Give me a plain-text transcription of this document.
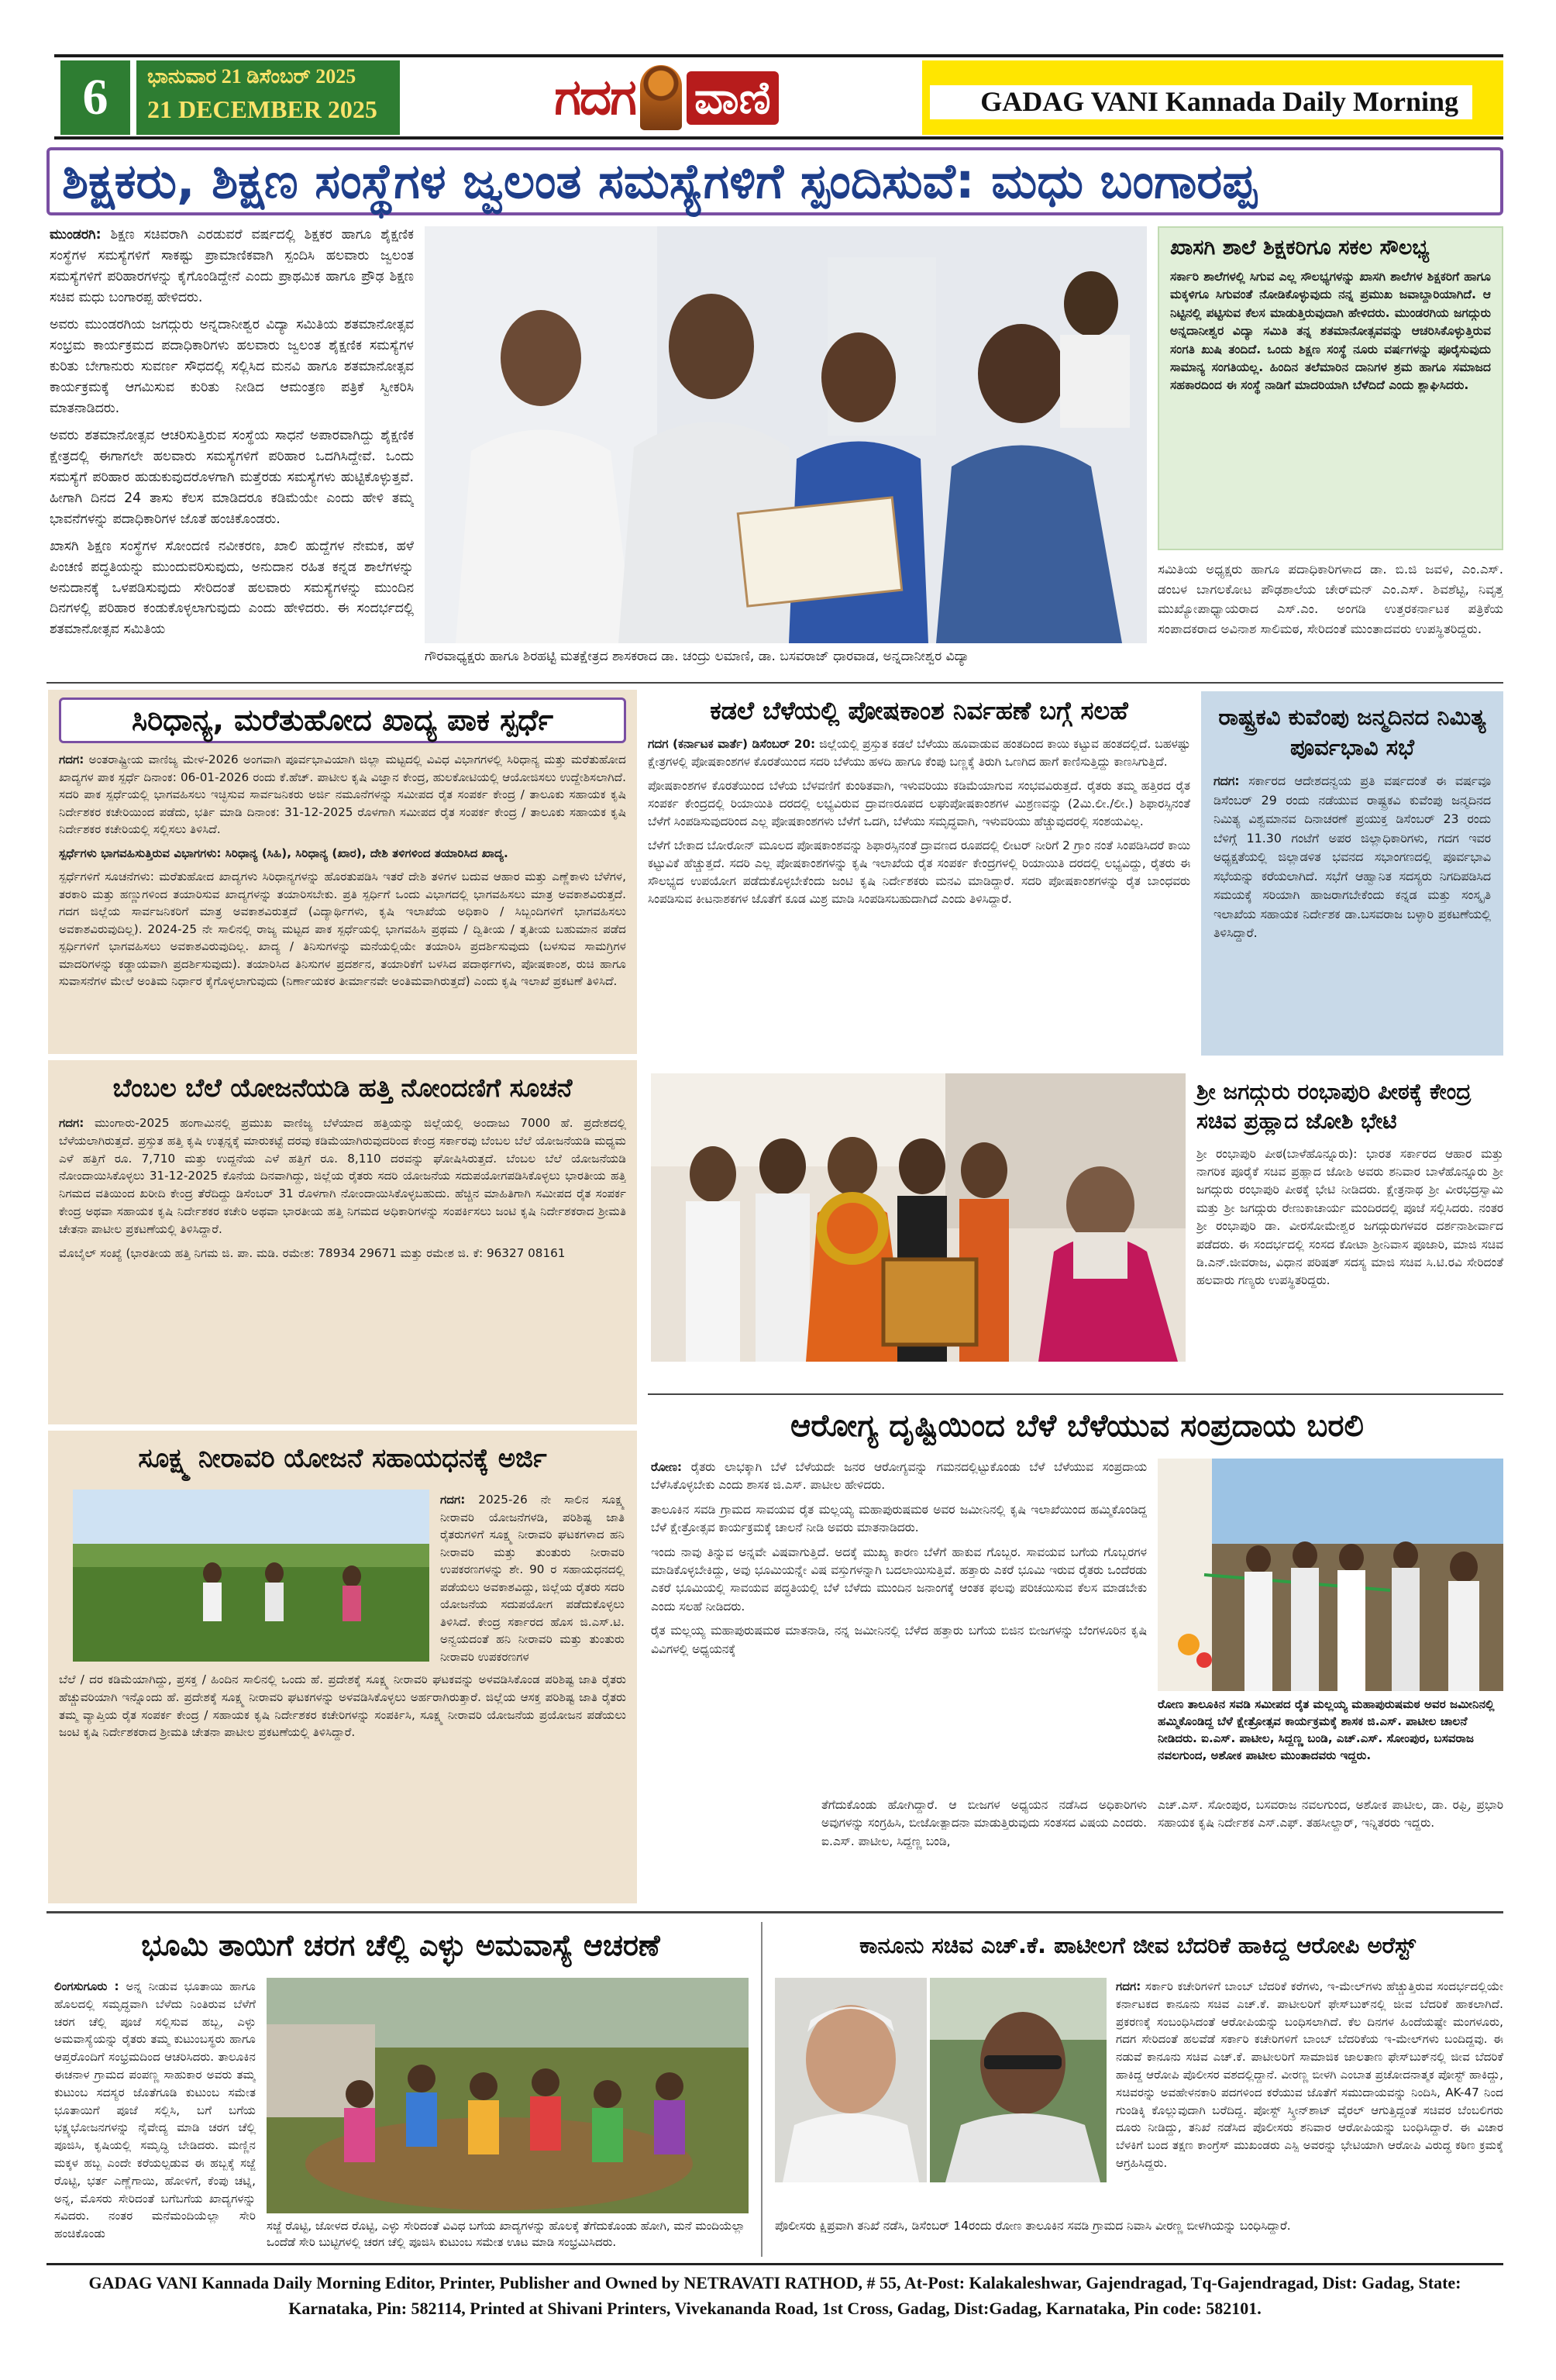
6	ಭಾನುವಾರ 21 ಡಿಸೆಂಬರ್ 2025
21 DECEMBER 2025	ಗದಗ ವಾಣಿ	GADAG VANI Kannada Daily Morning
ಶಿಕ್ಷಕರು, ಶಿಕ್ಷಣ ಸಂಸ್ಥೆಗಳ ಜ್ವಲಂತ ಸಮಸ್ಯೆಗಳಿಗೆ ಸ್ಪಂದಿಸುವೆ: ಮಧು ಬಂಗಾರಪ್ಪ

ಮುಂಡರಗಿ: ಶಿಕ್ಷಣ ಸಚಿವರಾಗಿ ಎರಡುವರೆ ವರ್ಷದಲ್ಲಿ ಶಿಕ್ಷಕರ ಹಾಗೂ ಶೈಕ್ಷಣಿಕ ಸಂಸ್ಥೆಗಳ ಸಮಸ್ಯೆಗಳಿಗೆ ಸಾಕಷ್ಟು ಪ್ರಾಮಾಣಿಕವಾಗಿ ಸ್ಪಂದಿಸಿ ಹಲವಾರು ಜ್ವಲಂತ ಸಮಸ್ಯೆಗಳಿಗೆ ಪರಿಹಾರಗಳನ್ನು ಕೈಗೊಂಡಿದ್ದೇನೆ ಎಂದು ಪ್ರಾಥಮಿಕ ಹಾಗೂ ಪ್ರೌಢ ಶಿಕ್ಷಣ ಸಚಿವ ಮಧು ಬಂಗಾರಪ್ಪ ಹೇಳಿದರು.

ಅವರು ಮುಂಡರಗಿಯ ಜಗದ್ಗುರು ಅನ್ನದಾನೀಶ್ವರ ವಿದ್ಯಾ ಸಮಿತಿಯ ಶತಮಾನೋತ್ಸವ ಸಂಭ್ರಮ ಕಾರ್ಯಕ್ರಮದ ಪದಾಧಿಕಾರಿಗಳು ಹಲವಾರು ಜ್ವಲಂತ ಶೈಕ್ಷಣಿಕ ಸಮಸ್ಯೆಗಳ ಕುರಿತು ಬೇಗಾನುರು ಸುವರ್ಣ ಸೌಧದಲ್ಲಿ ಸಲ್ಲಿಸಿದ ಮನವಿ ಹಾಗೂ ಶತಮಾನೋತ್ಸವ ಕಾರ್ಯಕ್ರಮಕ್ಕೆ ಆಗಮಿಸುವ ಕುರಿತು ನೀಡಿದ ಆಮಂತ್ರಣ ಪತ್ರಿಕೆ ಸ್ವೀಕರಿಸಿ ಮಾತನಾಡಿದರು.

ಅವರು ಶತಮಾನೋತ್ಸವ ಆಚರಿಸುತ್ತಿರುವ ಸಂಸ್ಥೆಯ ಸಾಧನೆ ಅಪಾರವಾಗಿದ್ದು ಶೈಕ್ಷಣಿಕ ಕ್ಷೇತ್ರದಲ್ಲಿ ಈಗಾಗಲೇ ಹಲವಾರು ಸಮಸ್ಯೆಗಳಿಗೆ ಪರಿಹಾರ ಒದಗಿಸಿದ್ದೇವೆ. ಒಂದು ಸಮಸ್ಯೆಗೆ ಪರಿಹಾರ ಹುಡುಕುವುದರೊಳಗಾಗಿ ಮತ್ತೆರಡು ಸಮಸ್ಯೆಗಳು ಹುಟ್ಟಿಕೊಳ್ಳುತ್ತವೆ. ಹೀಗಾಗಿ ದಿನದ 24 ತಾಸು ಕೆಲಸ ಮಾಡಿದರೂ ಕಡಿಮೆಯೇ ಎಂದು ಹೇಳಿ ತಮ್ಮ ಭಾವನೆಗಳನ್ನು ಪದಾಧಿಕಾರಿಗಳ ಜೊತೆ ಹಂಚಿಕೊಂಡರು.

ಖಾಸಗಿ ಶಿಕ್ಷಣ ಸಂಸ್ಥೆಗಳ ಸೋಂದಣಿ ನವೀಕರಣ, ಖಾಲಿ ಹುದ್ದೆಗಳ ನೇಮಕ, ಹಳೆ ಪಿಂಚಣಿ ಪದ್ಧತಿಯನ್ನು ಮುಂದುವರಿಸುವುದು, ಅನುದಾನ ರಹಿತ ಕನ್ನಡ ಶಾಲೆಗಳನ್ನು ಅನುದಾನಕ್ಕೆ ಒಳಪಡಿಸುವುದು ಸೇರಿದಂತೆ ಹಲವಾರು ಸಮಸ್ಯೆಗಳನ್ನು ಮುಂದಿನ ದಿನಗಳಲ್ಲಿ ಪರಿಹಾರ ಕಂಡುಕೊಳ್ಳಲಾಗುವುದು ಎಂದು ಹೇಳಿದರು. ಈ ಸಂದರ್ಭದಲ್ಲಿ ಶತಮಾನೋತ್ಸವ ಸಮಿತಿಯ

ಗೌರವಾಧ್ಯಕ್ಷರು ಹಾಗೂ ಶಿರಹಟ್ಟಿ ಮತಕ್ಷೇತ್ರದ ಶಾಸಕರಾದ ಡಾ. ಚಂದ್ರು ಲಮಾಣಿ, ಡಾ. ಬಸವರಾಜ್ ಧಾರವಾಡ, ಅನ್ನದಾನೀಶ್ವರ ವಿದ್ಯಾ
ಖಾಸಗಿ ಶಾಲೆ ಶಿಕ್ಷಕರಿಗೂ ಸಕಲ ಸೌಲಭ್ಯ
ಸರ್ಕಾರಿ ಶಾಲೆಗಳಲ್ಲಿ ಸಿಗುವ ಎಲ್ಲ ಸೌಲಭ್ಯಗಳನ್ನು ಖಾಸಗಿ ಶಾಲೆಗಳ ಶಿಕ್ಷಕರಿಗೆ ಹಾಗೂ ಮಕ್ಕಳಿಗೂ ಸಿಗುವಂತೆ ನೋಡಿಕೊಳ್ಳುವುದು ನನ್ನ ಪ್ರಮುಖ ಜವಾಬ್ದಾರಿಯಾಗಿದೆ. ಆ ನಿಟ್ಟಿನಲ್ಲಿ ಪಟ್ಟಿಸುವ ಕೆಲಸ ಮಾಡುತ್ತಿರುವುದಾಗಿ ಹೇಳಿದರು. ಮುಂಡರಗಿಯ ಜಗದ್ಗುರು ಅನ್ನದಾನೀಶ್ವರ ವಿದ್ಯಾ ಸಮಿತಿ ತನ್ನ ಶತಮಾನೋತ್ಸವವನ್ನು ಆಚರಿಸಿಕೊಳ್ಳುತ್ತಿರುವ ಸಂಗತಿ ಖುಷಿ ತಂದಿದೆ. ಒಂದು ಶಿಕ್ಷಣ ಸಂಸ್ಥೆ ನೂರು ವರ್ಷಗಳನ್ನು ಪೂರೈಸುವುದು ಸಾಮಾನ್ಯ ಸಂಗತಿಯಲ್ಲ. ಹಿಂದಿನ ತಲೆಮಾರಿನ ದಾನಿಗಳ ಶ್ರಮ ಹಾಗೂ ಸಮಾಜದ ಸಹಕಾರದಿಂದ ಈ ಸಂಸ್ಥೆ ನಾಡಿಗೆ ಮಾದರಿಯಾಗಿ ಬೆಳೆದಿದೆ ಎಂದು ಶ್ಲಾಘಿಸಿದರು.
ಸಮಿತಿಯ ಅಧ್ಯಕ್ಷರು ಹಾಗೂ ಪದಾಧಿಕಾರಿಗಳಾದ ಡಾ. ಬಿ.ಜಿ ಜವಳಿ, ಎಂ.ಎಸ್. ಡಂಬಳ ಬಾಗಲಕೋಟ ಪೌಢಶಾಲೆಯ ಚೇರ್‌ಮನ್ ಎಂ.ಎಸ್. ಶಿವಶೆಟ್ಟಿ, ನಿವೃತ್ತ ಮುಖ್ಯೋಪಾಧ್ಯಾಯರಾದ ಎಸ್.ಎಂ. ಅಂಗಡಿ ಉತ್ತರಕರ್ನಾಟಕ ಪತ್ರಿಕೆಯ ಸಂಪಾದಕರಾದ ಅವಿನಾಶ ಸಾಲಿಮಠ, ಸೇರಿದಂತೆ ಮುಂತಾದವರು ಉಪಸ್ಥಿತರಿದ್ದರು.
ಸಿರಿಧಾನ್ಯ, ಮರೆತುಹೋದ ಖಾದ್ಯ ಪಾಕ ಸ್ಪರ್ಧೆ

ಗದಗ: ಅಂತರಾಷ್ಟ್ರೀಯ ವಾಣಿಜ್ಯ ಮೇಳ-2026 ಅಂಗವಾಗಿ ಪೂರ್ವಭಾವಿಯಾಗಿ ಜಿಲ್ಲಾ ಮಟ್ಟದಲ್ಲಿ ವಿವಿಧ ವಿಭಾಗಗಳಲ್ಲಿ ಸಿರಿಧಾನ್ಯ ಮತ್ತು ಮರೆತುಹೋದ ಖಾದ್ಯಗಳ ಪಾಕ ಸ್ಪರ್ಧೆ ದಿನಾಂಕ: 06-01-2026 ರಂದು ಕೆ.ಹೆಚ್. ಪಾಟೀಲ ಕೃಷಿ ವಿಜ್ಞಾನ ಕೇಂದ್ರ, ಹುಲಕೋಟಿಯಲ್ಲಿ ಆಯೋಜಿಸಲು ಉದ್ದೇಶಿಸಲಾಗಿದೆ. ಸದರಿ ಪಾಕ ಸ್ಪರ್ಧೆಯಲ್ಲಿ ಭಾಗವಹಿಸಲು ಇಚ್ಛಿಸುವ ಸಾರ್ವಜನಿಕರು ಅರ್ಜಿ ನಮೂನೆಗಳನ್ನು ಸಮೀಪದ ರೈತ ಸಂಪರ್ಕ ಕೇಂದ್ರ / ತಾಲೂಕು ಸಹಾಯಕ ಕೃಷಿ ನಿರ್ದೇಶಕರ ಕಚೇರಿಯಿಂದ ಪಡೆದು, ಭರ್ತಿ ಮಾಡಿ ದಿನಾಂಕ: 31-12-2025 ರೊಳಗಾಗಿ ಸಮೀಪದ ರೈತ ಸಂಪರ್ಕ ಕೇಂದ್ರ / ತಾಲೂಕು ಸಹಾಯಕ ಕೃಷಿ ನಿರ್ದೇಶಕರ ಕಚೇರಿಯಲ್ಲಿ ಸಲ್ಲಿಸಲು ತಿಳಿಸಿದೆ.

ಸ್ಪರ್ಧೆಗಳು ಭಾಗವಹಿಸುತ್ತಿರುವ ವಿಭಾಗಗಳು: ಸಿರಿಧಾನ್ಯ (ಸಿಹಿ), ಸಿರಿಧಾನ್ಯ (ಖಾರ), ದೇಶಿ ತಳಿಗಳಿಂದ ತಯಾರಿಸಿದ ಖಾದ್ಯ.

ಸ್ಪರ್ಧೆಗಳಿಗೆ ಸೂಚನೆಗಳು: ಮರೆತುಹೋದ ಖಾದ್ಯಗಳು ಸಿರಿಧಾನ್ಯಗಳನ್ನು ಹೊರತುಪಡಿಸಿ ಇತರೆ ದೇಶಿ ತಳಿಗಳ ಬದುವ ಆಹಾರ ಮತ್ತು ಎಣ್ಣೆಕಾಳು ಬೆಳೆಗಳ, ತರಕಾರಿ ಮತ್ತು ಹಣ್ಣುಗಳಿಂದ ತಯಾರಿಸುವ ಖಾದ್ಯಗಳನ್ನು ತಯಾರಿಸಬೇಕು. ಪ್ರತಿ ಸ್ಪರ್ಧಿಗೆ ಒಂದು ವಿಭಾಗದಲ್ಲಿ ಭಾಗವಹಿಸಲು ಮಾತ್ರ ಅವಕಾಶವಿರುತ್ತದೆ. ಗದಗ ಜಿಲ್ಲೆಯ ಸಾರ್ವಜನಿಕರಿಗೆ ಮಾತ್ರ ಅವಕಾಶವಿರುತ್ತದೆ (ವಿದ್ಯಾರ್ಥಿಗಳು, ಕೃಷಿ ಇಲಾಖೆಯ ಅಧಿಕಾರಿ / ಸಿಬ್ಬಂದಿಗಳಿಗೆ ಭಾಗವಹಿಸಲು ಅವಕಾಶವಿರುವುದಿಲ್ಲ). 2024-25 ನೇ ಸಾಲಿನಲ್ಲಿ ರಾಜ್ಯ ಮಟ್ಟದ ಪಾಕ ಸ್ಪರ್ಧೆಯಲ್ಲಿ ಭಾಗವಹಿಸಿ ಪ್ರಥಮ / ದ್ವಿತೀಯ / ತೃತೀಯ ಬಹುಮಾನ ಪಡೆದ ಸ್ಪರ್ಧಿಗಳಿಗೆ ಭಾಗವಹಿಸಲು ಅವಕಾಶವಿರುವುದಿಲ್ಲ. ಖಾದ್ಯ / ತಿನಿಸುಗಳನ್ನು ಮನೆಯಲ್ಲಿಯೇ ತಯಾರಿಸಿ ಪ್ರದರ್ಶಿಸುವುದು (ಬಳಸುವ ಸಾಮಗ್ರಿಗಳ ಮಾದರಿಗಳನ್ನು ಕಡ್ಡಾಯವಾಗಿ ಪ್ರದರ್ಶಿಸುವುದು). ತಯಾರಿಸಿದ ತಿನಿಸುಗಳ ಪ್ರದರ್ಶನ, ತಯಾರಿಕೆಗೆ ಬಳಸಿದ ಪದಾರ್ಥಗಳು, ಪೋಷಕಾಂಶ, ರುಚಿ ಹಾಗೂ ಸುವಾಸನೆಗಳ ಮೇಲೆ ಅಂತಿಮ ನಿರ್ಧಾರ ಕೈಗೊಳ್ಳಲಾಗುವುದು (ನಿರ್ಣಾಯಕರ ತೀರ್ಮಾನವೇ ಅಂತಿಮವಾಗಿರುತ್ತದೆ) ಎಂದು ಕೃಷಿ ಇಲಾಖೆ ಪ್ರಕಟಣೆ ತಿಳಿಸಿದೆ.

ಕಡಲೆ ಬೆಳೆಯಲ್ಲಿ ಪೋಷಕಾಂಶ ನಿರ್ವಹಣೆ ಬಗ್ಗೆ ಸಲಹೆ

ಗದಗ (ಕರ್ನಾಟಕ ವಾರ್ತೆ) ಡಿಸೆಂಬರ್ 20: ಜಿಲ್ಲೆಯಲ್ಲಿ ಪ್ರಸ್ತುತ ಕಡಲೆ ಬೆಳೆಯು ಹೂವಾಡುವ ಹಂತದಿಂದ ಕಾಯಿ ಕಟ್ಟುವ ಹಂತದಲ್ಲಿದೆ. ಬಹಳಷ್ಟು ಕ್ಷೇತ್ರಗಳಲ್ಲಿ ಪೋಷಕಾಂಶಗಳ ಕೊರತೆಯಿಂದ ಸದರಿ ಬೆಳೆಯು ಹಳದಿ ಹಾಗೂ ಕೆಂಪು ಬಣ್ಣಕ್ಕೆ ತಿರುಗಿ ಒಣಗಿದ ಹಾಗೆ ಕಾಣಿಸುತ್ತಿದ್ದು ಕಾಣಸಿಗುತ್ತಿದೆ.

ಪೋಷಕಾಂಶಗಳ ಕೊರತೆಯಿಂದ ಬೆಳೆಯ ಬೆಳವಣಿಗೆ ಕುಂಠಿತವಾಗಿ, ಇಳುವರಿಯು ಕಡಿಮೆಯಾಗುವ ಸಂಭವವಿರುತ್ತದೆ. ರೈತರು ತಮ್ಮ ಹತ್ತಿರದ ರೈತ ಸಂಪರ್ಕ ಕೇಂದ್ರದಲ್ಲಿ ರಿಯಾಯಿತಿ ದರದಲ್ಲಿ ಲಭ್ಯವಿರುವ ದ್ರಾವಣರೂಪದ ಲಘುಪೋಷಕಾಂಶಗಳ ಮಿಶ್ರಣವನ್ನು (2ಮಿ.ಲೀ./ಲೀ.) ಶಿಫಾರಸ್ಸಿನಂತೆ ಬೆಳೆಗೆ ಸಿಂಪಡಿಸುವುದರಿಂದ ಎಲ್ಲ ಪೋಷಕಾಂಶಗಳು ಬೆಳೆಗೆ ಒದಗಿ, ಬೆಳೆಯು ಸಮೃದ್ಧವಾಗಿ, ಇಳುವರಿಯು ಹೆಚ್ಚುವುದರಲ್ಲಿ ಸಂಶಯವಿಲ್ಲ.

ಬೆಳೆಗೆ ಬೇಕಾದ ಬೋರೋನ್ ಮೂಲದ ಪೋಷಕಾಂಶವನ್ನು ಶಿಫಾರಸ್ಸಿನಂತೆ ದ್ರಾವಣದ ರೂಪದಲ್ಲಿ ಲೀಟರ್ ನೀರಿಗೆ 2 ಗ್ರಾಂ ನಂತೆ ಸಿಂಪಡಿಸಿದರೆ ಕಾಯಿ ಕಟ್ಟುವಿಕೆ ಹೆಚ್ಚುತ್ತದೆ. ಸದರಿ ಎಲ್ಲ ಪೋಷಕಾಂಶಗಳನ್ನು ಕೃಷಿ ಇಲಾಖೆಯ ರೈತ ಸಂಪರ್ಕ ಕೇಂದ್ರಗಳಲ್ಲಿ ರಿಯಾಯಿತಿ ದರದಲ್ಲಿ ಲಭ್ಯವಿದ್ದು, ರೈತರು ಈ ಸೌಲಭ್ಯದ ಉಪಯೋಗ ಪಡೆದುಕೊಳ್ಳಬೇಕೆಂದು ಜಂಟಿ ಕೃಷಿ ನಿರ್ದೇಶಕರು ಮನವಿ ಮಾಡಿದ್ದಾರೆ. ಸದರಿ ಪೋಷಕಾಂಶಗಳನ್ನು ರೈತ ಬಾಂಧವರು ಸಿಂಪಡಿಸುವ ಕೀಟನಾಶಕಗಳ ಜೊತೆಗೆ ಕೂಡ ಮಿಶ್ರ ಮಾಡಿ ಸಿಂಪಡಿಸಬಹುದಾಗಿದೆ ಎಂದು ತಿಳಿಸಿದ್ದಾರೆ.

ರಾಷ್ಟ್ರಕವಿ ಕುವೆಂಪು ಜನ್ಮದಿನದ ನಿಮಿತ್ಯ ಪೂರ್ವಭಾವಿ ಸಭೆ
ಗದಗ: ಸರ್ಕಾರದ ಆದೇಶದನ್ವಯ ಪ್ರತಿ ವರ್ಷದಂತೆ ಈ ವರ್ಷವೂ ಡಿಸೆಂಬರ್ 29 ರಂದು ನಡೆಯುವ ರಾಷ್ಟ್ರಕವಿ ಕುವೆಂಪು ಜನ್ಮದಿನದ ನಿಮಿತ್ಯ ವಿಶ್ವಮಾನವ ದಿನಾಚರಣೆ ಪ್ರಯುಕ್ತ ಡಿಸೆಂಬರ್ 23 ರಂದು ಬೆಳಿಗ್ಗೆ 11.30 ಗಂಟೆಗೆ ಅಪರ ಜಿಲ್ಲಾಧಿಕಾರಿಗಳು, ಗದಗ ಇವರ ಅಧ್ಯಕ್ಷತೆಯಲ್ಲಿ ಜಿಲ್ಲಾಡಳಿತ ಭವನದ ಸಭಾಂಗಣದಲ್ಲಿ ಪೂರ್ವಭಾವಿ ಸಭೆಯನ್ನು ಕರೆಯಲಾಗಿದೆ. ಸಭೆಗೆ ಆಹ್ವಾನಿತ ಸದಸ್ಯರು ನಿಗದಿಪಡಿಸಿದ ಸಮಯಕ್ಕೆ ಸರಿಯಾಗಿ ಹಾಜರಾಗಬೇಕೆಂದು ಕನ್ನಡ ಮತ್ತು ಸಂಸ್ಕೃತಿ ಇಲಾಖೆಯ ಸಹಾಯಕ ನಿರ್ದೇಶಕ ಡಾ.ಬಸವರಾಜ ಬಳ್ಳಾರಿ ಪ್ರಕಟಣೆಯಲ್ಲಿ ತಿಳಿಸಿದ್ದಾರೆ.
ಬೆಂಬಲ ಬೆಲೆ ಯೋಜನೆಯಡಿ ಹತ್ತಿ ನೋಂದಣಿಗೆ ಸೂಚನೆ

ಗದಗ: ಮುಂಗಾರು-2025 ಹಂಗಾಮಿನಲ್ಲಿ ಪ್ರಮುಖ ವಾಣಿಜ್ಯ ಬೆಳೆಯಾದ ಹತ್ತಿಯನ್ನು ಜಿಲ್ಲೆಯಲ್ಲಿ ಅಂದಾಜು 7000 ಹೆ. ಪ್ರದೇಶದಲ್ಲಿ ಬೆಳೆಯಲಾಗಿರುತ್ತದೆ. ಪ್ರಸ್ತುತ ಹತ್ತಿ ಕೃಷಿ ಉತ್ಪನ್ನಕ್ಕೆ ಮಾರುಕಟ್ಟೆ ದರವು ಕಡಿಮೆಯಾಗಿರುವುದರಿಂದ ಕೇಂದ್ರ ಸರ್ಕಾರವು ಬೆಂಬಲ ಬೆಲೆ ಯೋಜನೆಯಡಿ ಮಧ್ಯಮ ಎಳೆ ಹತ್ತಿಗೆ ರೂ. 7,710 ಮತ್ತು ಉದ್ದನೆಯ ಎಳೆ ಹತ್ತಿಗೆ ರೂ. 8,110 ದರವನ್ನು ಘೋಷಿಸಿರುತ್ತದೆ. ಬೆಂಬಲ ಬೆಲೆ ಯೋಜನೆಯಡಿ ನೋಂದಾಯಿಸಿಕೊಳ್ಳಲು 31-12-2025 ಕೊನೆಯ ದಿನವಾಗಿದ್ದು, ಜಿಲ್ಲೆಯ ರೈತರು ಸದರಿ ಯೋಜನೆಯ ಸದುಪಯೋಗಪಡಿಸಿಕೊಳ್ಳಲು ಭಾರತೀಯ ಹತ್ತಿ ನಿಗಮದ ವತಿಯಿಂದ ಖರೀದಿ ಕೇಂದ್ರ ತೆರೆದಿದ್ದು ಡಿಸೆಂಬರ್ 31 ರೊಳಗಾಗಿ ನೋಂದಾಯಿಸಿಕೊಳ್ಳಬಹುದು. ಹೆಚ್ಚಿನ ಮಾಹಿತಿಗಾಗಿ ಸಮೀಪದ ರೈತ ಸಂಪರ್ಕ ಕೇಂದ್ರ ಅಥವಾ ಸಹಾಯಕ ಕೃಷಿ ನಿರ್ದೇಶಕರ ಕಚೇರಿ ಅಥವಾ ಭಾರತೀಯ ಹತ್ತಿ ನಿಗಮದ ಅಧಿಕಾರಿಗಳನ್ನು ಸಂಪರ್ಕಿಸಲು ಜಂಟಿ ಕೃಷಿ ನಿರ್ದೇಶಕರಾದ ಶ್ರೀಮತಿ ಚೇತನಾ ಪಾಟೀಲ ಪ್ರಕಟಣೆಯಲ್ಲಿ ತಿಳಿಸಿದ್ದಾರೆ.

ಮೊಬೈಲ್ ಸಂಖ್ಯೆ (ಭಾರತೀಯ ಹತ್ತಿ ನಿಗಮ ಜಿ. ಪಾ. ಮಡಿ. ರಮೇಶ: 78934 29671 ಮತ್ತು ರಮೇಶ ಜಿ. ಕೆ: 96327 08161

ಶ್ರೀ ಜಗದ್ಗುರು ರಂಭಾಪುರಿ ಪೀಠಕ್ಕೆ ಕೇಂದ್ರ ಸಚಿವ ಪ್ರಹ್ಲಾದ ಜೋಶಿ ಭೇಟಿ
ಶ್ರೀ ರಂಭಾಪುರಿ ಪೀಠ(ಬಾಳೆಹೊನ್ನೂರು): ಭಾರತ ಸರ್ಕಾರದ ಆಹಾರ ಮತ್ತು ನಾಗರಿಕ ಪೂರೈಕೆ ಸಚಿವ ಪ್ರಹ್ಲಾದ ಜೋಶಿ ಅವರು ಶನಿವಾರ ಬಾಳೆಹೊನ್ನೂರು ಶ್ರೀ ಜಗದ್ಗುರು ರಂಭಾಪುರಿ ಪೀಠಕ್ಕೆ ಭೇಟಿ ನೀಡಿದರು. ಕ್ಷೇತ್ರನಾಥ ಶ್ರೀ ವೀರಭದ್ರಸ್ವಾಮಿ ಮತ್ತು ಶ್ರೀ ಜಗದ್ಗುರು ರೇಣುಕಾಚಾರ್ಯ ಮಂದಿರದಲ್ಲಿ ಪೂಜೆ ಸಲ್ಲಿಸಿದರು. ನಂತರ ಶ್ರೀ ರಂಭಾಪುರಿ ಡಾ. ವೀರಸೋಮೇಶ್ವರ ಜಗದ್ಗುರುಗಳವರ ದರ್ಶನಾಶೀರ್ವಾದ ಪಡೆದರು. ಈ ಸಂದರ್ಭದಲ್ಲಿ ಸಂಸದ ಕೋಟಾ ಶ್ರೀನಿವಾಸ ಪೂಜಾರಿ, ಮಾಜಿ ಸಚಿವ ಡಿ.ಎನ್.ಜೀವರಾಜ, ವಿಧಾನ ಪರಿಷತ್ ಸದಸ್ಯ ಮಾಜಿ ಸಚಿವ ಸಿ.ಟಿ.ರವಿ ಸೇರಿದಂತೆ ಹಲವಾರು ಗಣ್ಯರು ಉಪಸ್ಥಿತರಿದ್ದರು.
ಸೂಕ್ಷ್ಮ ನೀರಾವರಿ ಯೋಜನೆ ಸಹಾಯಧನಕ್ಕೆ ಅರ್ಜಿ
ಗದಗ: 2025-26 ನೇ ಸಾಲಿನ ಸೂಕ್ಷ್ಮ ನೀರಾವರಿ ಯೋಜನೆಗಳಡಿ, ಪರಿಶಿಷ್ಟ ಜಾತಿ ರೈತರುಗಳಿಗೆ ಸೂಕ್ಷ್ಮ ನೀರಾವರಿ ಘಟಕಗಳಾದ ಹನಿ ನೀರಾವರಿ ಮತ್ತು ತುಂತುರು ನೀರಾವರಿ ಉಪಕರಣಗಳನ್ನು ಶೇ. 90 ರ ಸಹಾಯಧನದಲ್ಲಿ ಪಡೆಯಲು ಅವಕಾಶವಿದ್ದು, ಜಿಲ್ಲೆಯ ರೈತರು ಸದರಿ ಯೋಜನೆಯ ಸದುಪಯೋಗ ಪಡೆದುಕೊಳ್ಳಲು ತಿಳಿಸಿದೆ. ಕೇಂದ್ರ ಸರ್ಕಾರದ ಹೊಸ ಜಿ.ಎಸ್.ಟಿ. ಅನ್ವಯದಂತೆ ಹನಿ ನೀರಾವರಿ ಮತ್ತು ತುಂತುರು ನೀರಾವರಿ ಉಪಕರಣಗಳ
ಬೆಲೆ / ದರ ಕಡಿಮೆಯಾಗಿದ್ದು, ಪ್ರಸಕ್ತ / ಹಿಂದಿನ ಸಾಲಿನಲ್ಲಿ ಒಂದು ಹೆ. ಪ್ರದೇಶಕ್ಕೆ ಸೂಕ್ಷ್ಮ ನೀರಾವರಿ ಘಟಕವನ್ನು ಅಳವಡಿಸಿಕೊಂಡ ಪರಿಶಿಷ್ಟ ಜಾತಿ ರೈತರು ಹೆಚ್ಚುವರಿಯಾಗಿ ಇನ್ನೊಂದು ಹೆ. ಪ್ರದೇಶಕ್ಕೆ ಸೂಕ್ಷ್ಮ ನೀರಾವರಿ ಘಟಕಗಳನ್ನು ಅಳವಡಿಸಿಕೊಳ್ಳಲು ಅರ್ಹರಾಗಿರುತ್ತಾರೆ. ಜಿಲ್ಲೆಯ ಆಸಕ್ತ ಪರಿಶಿಷ್ಟ ಜಾತಿ ರೈತರು ತಮ್ಮ ವ್ಯಾಪ್ತಿಯ ರೈತ ಸಂಪರ್ಕ ಕೇಂದ್ರ / ಸಹಾಯಕ ಕೃಷಿ ನಿರ್ದೇಶಕರ ಕಚೇರಿಗಳನ್ನು ಸಂಪರ್ಕಿಸಿ, ಸೂಕ್ಷ್ಮ ನೀರಾವರಿ ಯೋಜನೆಯ ಪ್ರಯೋಜನ ಪಡೆಯಲು ಜಂಟಿ ಕೃಷಿ ನಿರ್ದೇಶಕರಾದ ಶ್ರೀಮತಿ ಚೇತನಾ ಪಾಟೀಲ ಪ್ರಕಟಣೆಯಲ್ಲಿ ತಿಳಿಸಿದ್ದಾರೆ.
ಆರೋಗ್ಯ ದೃಷ್ಟಿಯಿಂದ ಬೆಳೆ ಬೆಳೆಯುವ ಸಂಪ್ರದಾಯ ಬರಲಿ

ರೋಣ: ರೈತರು ಲಾಭಕ್ಕಾಗಿ ಬೆಳೆ ಬೆಳೆಯದೇ ಜನರ ಆರೋಗ್ಯವನ್ನು ಗಮನದಲ್ಲಿಟ್ಟುಕೊಂಡು ಬೆಳೆ ಬೆಳೆಯುವ ಸಂಪ್ರದಾಯ ಬೆಳೆಸಿಕೊಳ್ಳಬೇಕು ಎಂದು ಶಾಸಕ ಜಿ.ಎಸ್. ಪಾಟೀಲ ಹೇಳಿದರು.

ತಾಲೂಕಿನ ಸವಡಿ ಗ್ರಾಮದ ಸಾವಯವ ರೈತ ಮಲ್ಲಯ್ಯ ಮಹಾಪುರುಷಮಠ ಅವರ ಜಮೀನಿನಲ್ಲಿ ಕೃಷಿ ಇಲಾಖೆಯಿಂದ ಹಮ್ಮಿಕೊಂಡಿದ್ದ ಬೆಳೆ ಕ್ಷೇತ್ರೋತ್ಸವ ಕಾರ್ಯಕ್ರಮಕ್ಕೆ ಚಾಲನೆ ನೀಡಿ ಅವರು ಮಾತನಾಡಿದರು.

ಇಂದು ನಾವು ತಿನ್ನುವ ಅನ್ನವೇ ವಿಷವಾಗುತ್ತಿದೆ. ಅದಕ್ಕೆ ಮುಖ್ಯ ಕಾರಣ ಬೆಳೆಗೆ ಹಾಕುವ ಗೊಬ್ಬರ. ಸಾವಯವ ಬಗೆಯ ಗೊಬ್ಬರಗಳ ಮಾಡಿಕೊಳ್ಳಬೇಕಿದ್ದು, ಅವು ಭೂಮಿಯನ್ನೇ ವಿಷ ವಸ್ತುಗಳನ್ನಾಗಿ ಬದಲಾಯಿಸುತ್ತಿವೆ. ಹತ್ತಾರು ಎಕರೆ ಭೂಮಿ ಇರುವ ರೈತರು ಒಂದೆರಡು ಎಕರೆ ಭೂಮಿಯಲ್ಲಿ ಸಾವಯವ ಪದ್ಧತಿಯಲ್ಲಿ ಬೆಳೆ ಬೆಳೆದು ಮುಂದಿನ ಜನಾಂಗಕ್ಕೆ ಆಂತಕ ಫಲವು ಪರಿಚಯಿಸುವ ಕೆಲಸ ಮಾಡಬೇಕು ಎಂದು ಸಲಹೆ ನೀಡಿದರು.

ರೈತ ಮಲ್ಲಯ್ಯ ಮಹಾಪುರುಷಮಠ ಮಾತನಾಡಿ, ನನ್ನ ಜಮೀನಿನಲ್ಲಿ ಬೆಳೆದ ಹತ್ತಾರು ಬಗೆಯ ಬಿಜಿನ ಬೀಜಗಳನ್ನು ಬೆಂಗಳೂರಿನ ಕೃಷಿ ವಿವಿಗಳಲ್ಲಿ ಅಧ್ಯಯನಕ್ಕೆ

ರೋಣ ತಾಲೂಕಿನ ಸವಡಿ ಸಮೀಪದ ರೈತ ಮಲ್ಲಯ್ಯ ಮಹಾಪುರುಷಮಠ ಅವರ ಜಮೀನಿನಲ್ಲಿ ಹಮ್ಮಿಕೊಂಡಿದ್ದ ಬೆಳೆ ಕ್ಷೇತ್ರೋತ್ಸವ ಕಾರ್ಯಕ್ರಮಕ್ಕೆ ಶಾಸಕ ಜಿ.ಎಸ್. ಪಾಟೀಲ ಚಾಲನೆ ನೀಡಿದರು. ಐ.ಎಸ್. ಪಾಟೀಲ, ಸಿದ್ದಣ್ಣ ಬಂಡಿ, ಎಚ್.ಎಸ್. ಸೋಂಪುರ, ಬಸವರಾಜ ನವಲಗುಂದ, ಅಶೋಕ ಪಾಟೀಲ ಮುಂತಾದವರು ಇದ್ದರು.
ತೆಗೆದುಕೊಂಡು ಹೋಗಿದ್ದಾರೆ. ಆ ಬೀಜಗಳ ಅಧ್ಯಯನ ನಡೆಸಿದ ಅಧಿಕಾರಿಗಳು ಅವುಗಳನ್ನು ಸಂಗ್ರಹಿಸಿ, ಬೀಜೋತ್ಪಾದನಾ ಮಾಡುತ್ತಿರುವುದು ಸಂತಸದ ವಿಷಯ ಎಂದರು. ಐ.ಎಸ್. ಪಾಟೀಲ, ಸಿದ್ದಣ್ಣ ಬಂಡಿ,
ಎಚ್.ಎಸ್. ಸೋಂಪುರ, ಬಸವರಾಜ ನವಲಗುಂದ, ಅಶೋಕ ಪಾಟೀಲ, ಡಾ. ರಫ್ತಿ, ಪ್ರಭಾರಿ ಸಹಾಯಕ ಕೃಷಿ ನಿರ್ದೇಶಕ ಎಸ್.ಎಫ್. ತಹಸೀಲ್ದಾರ್, ಇನ್ನಿತರರು ಇದ್ದರು.
ಭೂಮಿ ತಾಯಿಗೆ ಚರಗ ಚೆಲ್ಲಿ ಎಳ್ಳು ಅಮವಾಸ್ಯೆ ಆಚರಣೆ
ಲಿಂಗಸುಗೂರು : ಅನ್ನ ನೀಡುವ ಭೂತಾಯಿ ಹಾಗೂ ಹೊಲದಲ್ಲಿ ಸಮೃದ್ಧವಾಗಿ ಬೆಳೆದು ನಿಂತಿರುವ ಬೆಳೆಗೆ ಚರಗ ಚೆಲ್ಲಿ ಪೂಜೆ ಸಲ್ಲಿಸುವ ಹಬ್ಬ, ಎಳ್ಳು ಅಮವಾಸ್ಯೆಯನ್ನು ರೈತರು ತಮ್ಮ ಕುಟುಂಬಸ್ಥರು ಹಾಗೂ ಆಪ್ತರೊಂದಿಗೆ ಸಂಭ್ರಮದಿಂದ ಆಚರಿಸಿದರು. ತಾಲೂಕಿನ ಈಚನಾಳ ಗ್ರಾಮದ ಪಂಪಣ್ಣ ಸಾಹುಕಾರ ಅವರು ತಮ್ಮ ಕುಟುಂಬ ಸದಸ್ಯರ ಜೊತೆಗೂಡಿ ಕುಟುಂಬ ಸಮೇತ ಭೂತಾಯಿಗೆ ಪೂಜೆ ಸಲ್ಲಿಸಿ, ಬಗೆ ಬಗೆಯ ಭಕ್ಷ್ಯಭೋಜನಗಳನ್ನು ನೈವೇದ್ಯ ಮಾಡಿ ಚರಗ ಚೆಲ್ಲಿ ಪೂಜಿಸಿ, ಕೃಷಿಯಲ್ಲಿ ಸಮೃದ್ಧಿ ಬೇಡಿದರು. ಮಣ್ಣಿನ ಮಕ್ಕಳ ಹಬ್ಬ ಎಂದೇ ಕರೆಯಲ್ಪಡುವ ಈ ಹಬ್ಬಕ್ಕೆ ಸಜ್ಜೆ ರೊಟ್ಟಿ, ಭರ್ತ ಎಣ್ಣೆಗಾಯಿ, ಹೋಳಿಗೆ, ಕೆಂಪು ಚಟ್ನಿ, ಅನ್ನ, ಮೊಸರು ಸೇರಿದಂತೆ ಬಗೆಬಗೆಯ ಖಾದ್ಯಗಳನ್ನು ಸವಿದರು. ನಂತರ ಮನೆಮಂದಿಯೆಲ್ಲಾ ಸೇರಿ ಹಂಚಿಕೊಂಡು
ಸಜ್ಜೆ ರೊಟ್ಟಿ, ಜೋಳದ ರೊಟ್ಟಿ, ಎಳ್ಳು ಸೇರಿದಂತೆ ವಿವಿಧ ಬಗೆಯ ಖಾದ್ಯಗಳನ್ನು ಹೊಲಕ್ಕೆ ತೆಗೆದುಕೊಂಡು ಹೋಗಿ, ಮನೆ ಮಂದಿಯೆಲ್ಲಾ ಒಂದೆಡೆ ಸೇರಿ ಬುಟ್ಟಿಗಳಲ್ಲಿ ಚರಗ ಚೆಲ್ಲಿ ಪೂಜಿಸಿ ಕುಟುಂಬ ಸಮೇತ ಊಟ ಮಾಡಿ ಸಂಭ್ರಮಿಸಿದರು.
ಕಾನೂನು ಸಚಿವ ಎಚ್.ಕೆ. ಪಾಟೀಲಗೆ ಜೀವ ಬೆದರಿಕೆ ಹಾಕಿದ್ದ ಆರೋಪಿ ಅರೆಸ್ಟ್
ಗದಗ: ಸರ್ಕಾರಿ ಕಚೇರಿಗಳಿಗೆ ಬಾಂಬ್ ಬೆದರಿಕೆ ಕರೆಗಳು, ಇ-ಮೇಲ್‌ಗಳು ಹೆಚ್ಚುತ್ತಿರುವ ಸಂದರ್ಭದಲ್ಲಿಯೇ ಕರ್ನಾಟಕದ ಕಾನೂನು ಸಚಿವ ಎಚ್.ಕೆ. ಪಾಟೀಲರಿಗೆ ಫೇಸ್‌ಬುಕ್‌ನಲ್ಲಿ ಜೀವ ಬೆದರಿಕೆ ಹಾಕಲಾಗಿದೆ. ಪ್ರಕರಣಕ್ಕೆ ಸಂಬಂಧಿಸಿದಂತೆ ಆರೋಪಿಯನ್ನು ಬಂಧಿಸಲಾಗಿದೆ. ಕೆಲ ದಿನಗಳ ಹಿಂದೆಯಷ್ಟೇ ಮಂಗಳೂರು, ಗದಗ ಸೇರಿದಂತೆ ಹಲವೆಡೆ ಸರ್ಕಾರಿ ಕಚೇರಿಗಳಿಗೆ ಬಾಂಬ್ ಬೆದರಿಕೆಯ ಇ-ಮೇಲ್‌ಗಳು ಬಂದಿದ್ದವು. ಈ ನಡುವೆ ಕಾನೂನು ಸಚಿವ ಎಚ್.ಕೆ. ಪಾಟೀಲರಿಗೆ ಸಾಮಾಜಿಕ ಜಾಲತಾಣ ಫೇಸ್‌ಬುಕ್‌ನಲ್ಲಿ ಜೀವ ಬೆದರಿಕೆ ಹಾಕಿದ್ದ ಆರೋಪಿ ಪೊಲೀಸರ ವಶದಲ್ಲಿದ್ದಾನೆ. ವೀರಣ್ಣ ಬೀಳಗಿ ಎಂಬಾತ ಪ್ರಚೋದನಾತ್ಮಕ ಪೋಸ್ಟ್ ಹಾಕಿದ್ದು, ಸಚಿವರನ್ನು ಅವಹೇಳನಕಾರಿ ಪದಗಳಿಂದ ಕರೆಯುವ ಜೊತೆಗೆ ಸಮುದಾಯವನ್ನು ನಿಂದಿಸಿ, AK-47 ನಿಂದ ಗುಂಡಿಕ್ಕಿ ಕೊಲ್ಲುವುದಾಗಿ ಬರೆದಿದ್ದ. ಪೋಸ್ಟ್ ಸ್ಕ್ರೀನ್‌ಶಾಟ್ ವೈರಲ್ ಆಗುತ್ತಿದ್ದಂತೆ ಸಚಿವರ ಬೆಂಬಲಿಗರು ದೂರು ನೀಡಿದ್ದು, ತನಿಖೆ ನಡೆಸಿದ ಪೊಲೀಸರು ಶನಿವಾರ ಆರೋಪಿಯನ್ನು ಬಂಧಿಸಿದ್ದಾರೆ. ಈ ವಿಚಾರ ಬೆಳಕಿಗೆ ಬಂದ ತಕ್ಷಣ ಕಾಂಗ್ರೆಸ್ ಮುಖಂಡರು ಎಸ್ಪಿ ಅವರನ್ನು ಭೇಟಿಯಾಗಿ ಆರೋಪಿ ವಿರುದ್ಧ ಕಠಿಣ ಕ್ರಮಕ್ಕೆ ಆಗ್ರಹಿಸಿದ್ದರು.
ಪೊಲೀಸರು ಕ್ಷಿಪ್ರವಾಗಿ ತನಿಖೆ ನಡೆಸಿ, ಡಿಸೆಂಬರ್ 14ರಂದು ರೋಣ ತಾಲೂಕಿನ ಸವಡಿ ಗ್ರಾಮದ ನಿವಾಸಿ ವೀರಣ್ಣ ಬೀಳಗಿಯನ್ನು ಬಂಧಿಸಿದ್ದಾರೆ.
GADAG VANI Kannada Daily Morning Editor, Printer, Publisher and Owned by NETRAVATI RATHOD, # 55, At-Post: Kalakaleshwar, Gajendragad, Tq-Gajendragad, Dist: Gadag, State:
Karnataka, Pin: 582114, Printed at Shivani Printers, Vivekananda Road, 1st Cross, Gadag, Dist:Gadag, Karnataka, Pin code: 582101.
